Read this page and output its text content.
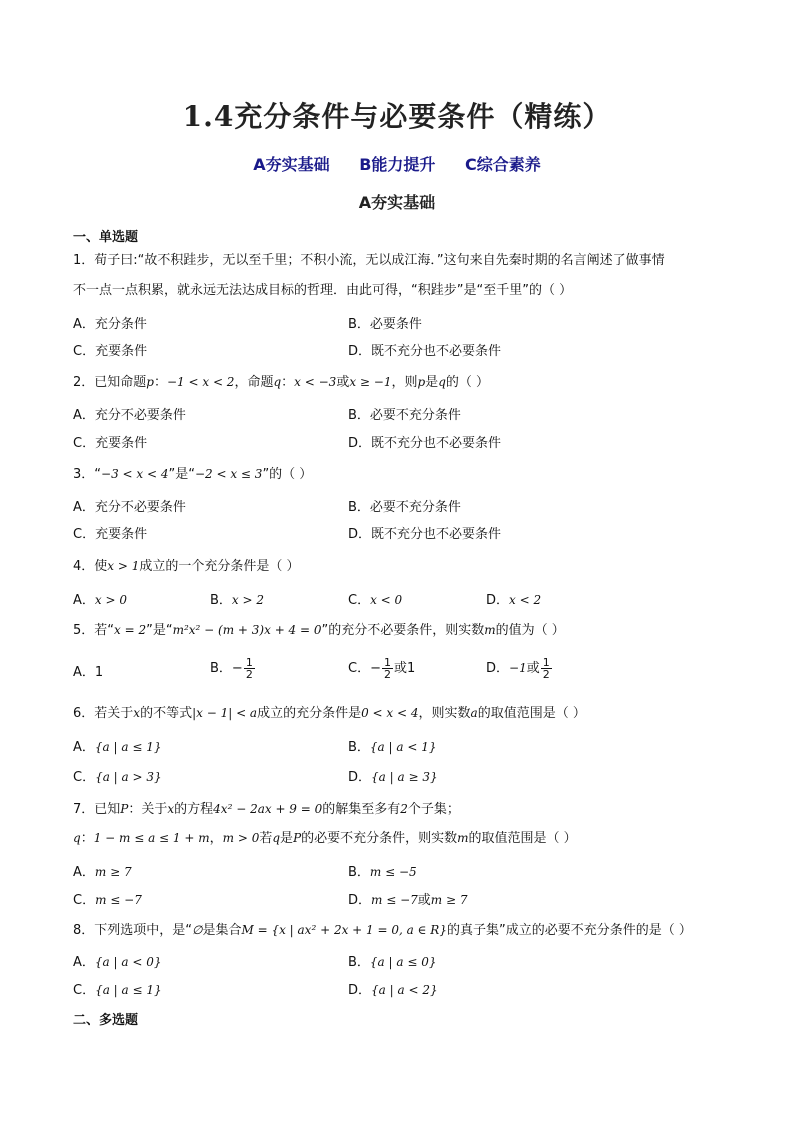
1.4充分条件与必要条件（精练）
A夯实基础 B能力提升 C综合素养
A夯实基础
一、单选题
1．荀子曰:“故不积跬步，无以至千里；不积小流，无以成江海．”这句来自先秦时期的名言阐述了做事情
不一点一点积累，就永远无法达成目标的哲理．由此可得，“积跬步”是“至千里”的（ ）
A．充分条件	B．必要条件
C．充要条件	D．既不充分也不必要条件
2．已知命题p：−1 < x < 2，命题q：x < −3或x ≥ −1，则p是q的（ ）
A．充分不必要条件	B．必要不充分条件
C．充要条件	D．既不充分也不必要条件
3．“−3 < x < 4”是“−2 < x ≤ 3”的（ ）
A．充分不必要条件	B．必要不充分条件
C．充要条件	D．既不充分也不必要条件
4．使x > 1成立的一个充分条件是（ ）
A．x > 0	B．x > 2	C．x < 0	D．x < 2
5．若“x = 2”是“m²x² − (m + 3)x + 4 = 0”的充分不必要条件，则实数m的值为（ ）
A．1	B．− $\frac{1}{2}$	C．− $\frac{1}{2}$ 或1	D．−1或 $\frac{1}{2}$
6．若关于x的不等式|x − 1| < a成立的充分条件是0 < x < 4，则实数a的取值范围是（ ）
A．{a | a ≤ 1}	B．{a | a < 1}
C．{a | a > 3}	D．{a | a ≥ 3}
7．已知P：关于x的方程4x² − 2ax + 9 = 0的解集至多有2个子集；
q：1 − m ≤ a ≤ 1 + m，m > 0若q是P的必要不充分条件，则实数m的取值范围是（ ）
A．m ≥ 7	B．m ≤ −5
C．m ≤ −7	D．m ≤ −7或m ≥ 7
8．下列选项中，是“∅是集合M = {x | ax² + 2x + 1 = 0, a ∈ R}的真子集”成立的必要不充分条件的是（ ）
A．{a | a < 0}	B．{a | a ≤ 0}
C．{a | a ≤ 1}	D．{a | a < 2}
二、多选题
